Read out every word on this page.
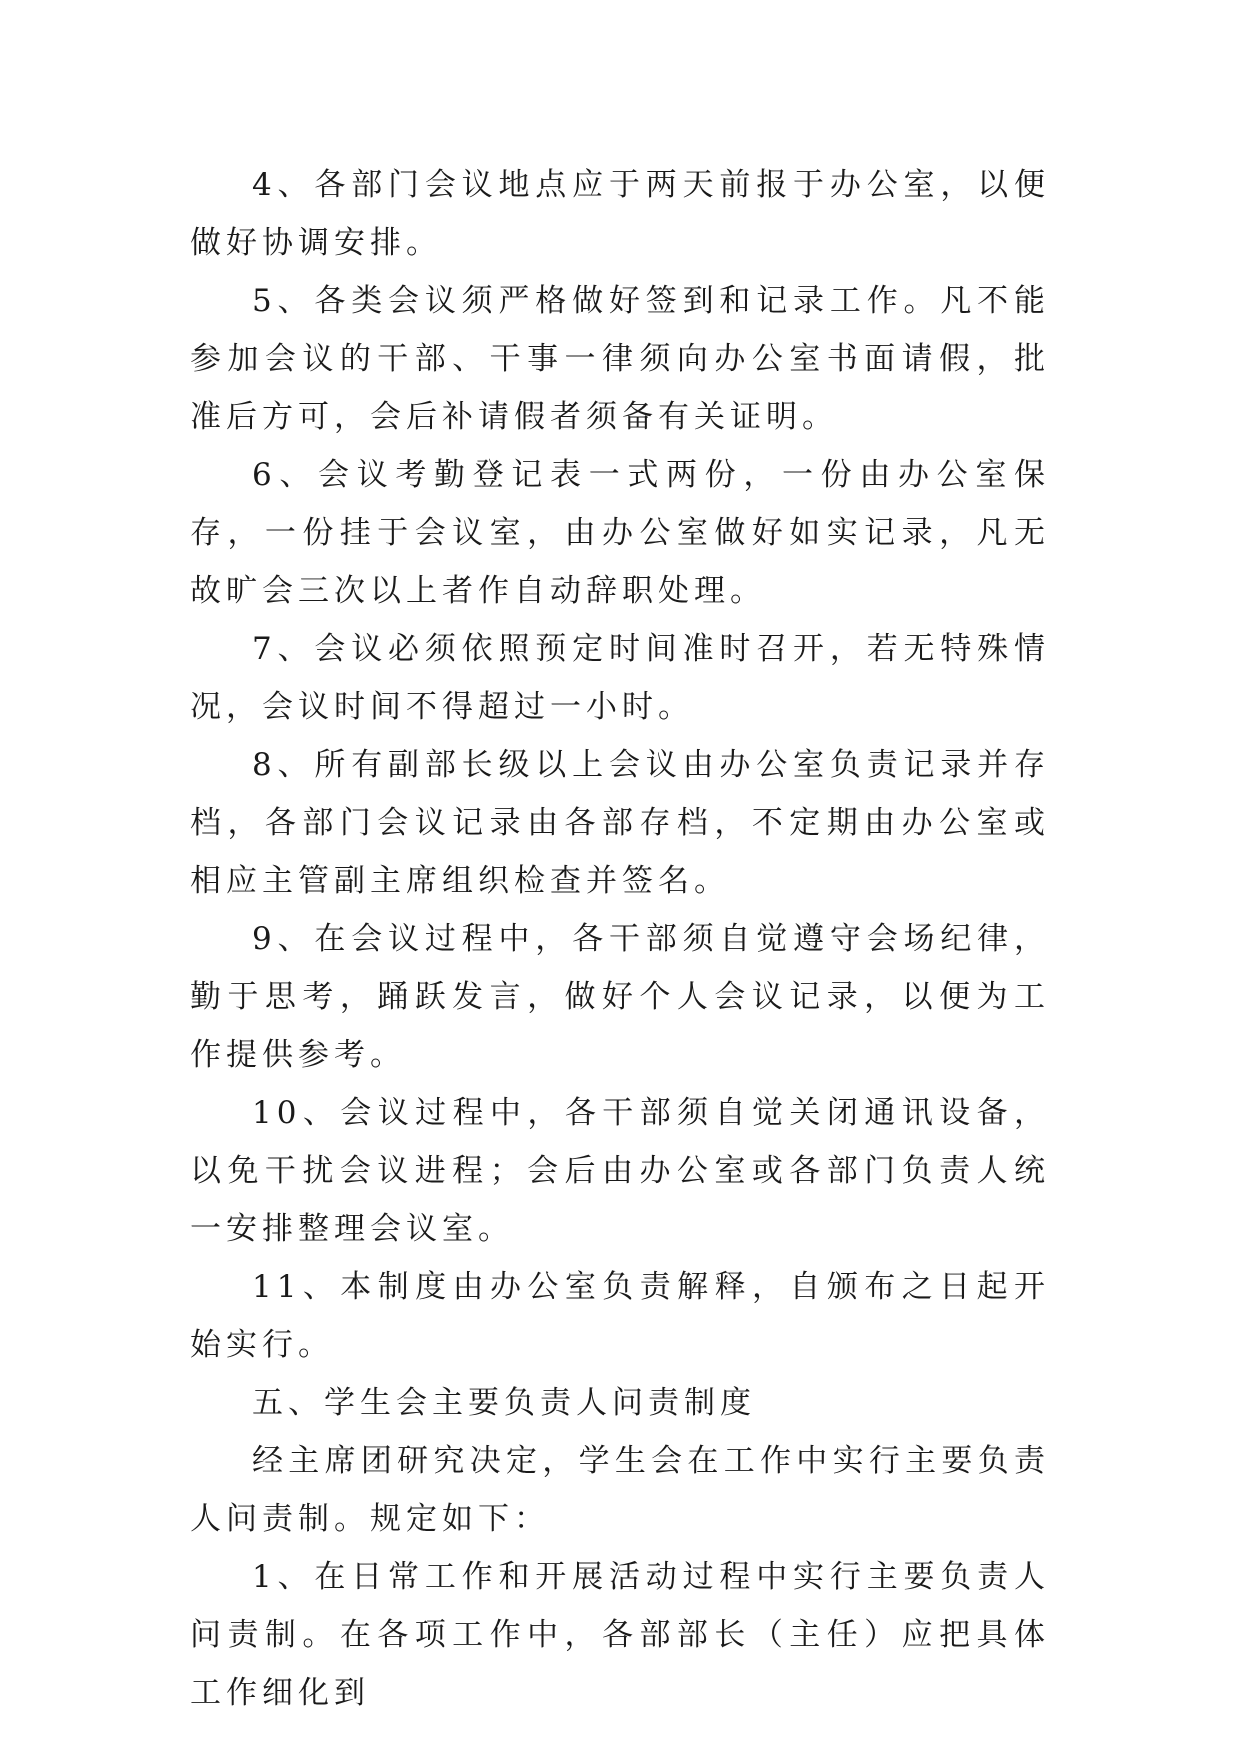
4、各部门会议地点应于两天前报于办公室，以便做好协调安排。

5、各类会议须严格做好签到和记录工作。凡不能参加会议的干部、干事一律须向办公室书面请假，批准后方可，会后补请假者须备有关证明。

6、会议考勤登记表一式两份，一份由办公室保存，一份挂于会议室，由办公室做好如实记录，凡无故旷会三次以上者作自动辞职处理。

7、会议必须依照预定时间准时召开，若无特殊情况，会议时间不得超过一小时。

8、所有副部长级以上会议由办公室负责记录并存档，各部门会议记录由各部存档，不定期由办公室或相应主管副主席组织检查并签名。

9、在会议过程中，各干部须自觉遵守会场纪律，勤于思考，踊跃发言，做好个人会议记录，以便为工作提供参考。

10、会议过程中，各干部须自觉关闭通讯设备，以免干扰会议进程；会后由办公室或各部门负责人统一安排整理会议室。

11、本制度由办公室负责解释，自颁布之日起开始实行。

五、学生会主要负责人问责制度

经主席团研究决定，学生会在工作中实行主要负责人问责制。规定如下：

1、在日常工作和开展活动过程中实行主要负责人问责制。在各项工作中，各部部长（主任）应把具体工作细化到
